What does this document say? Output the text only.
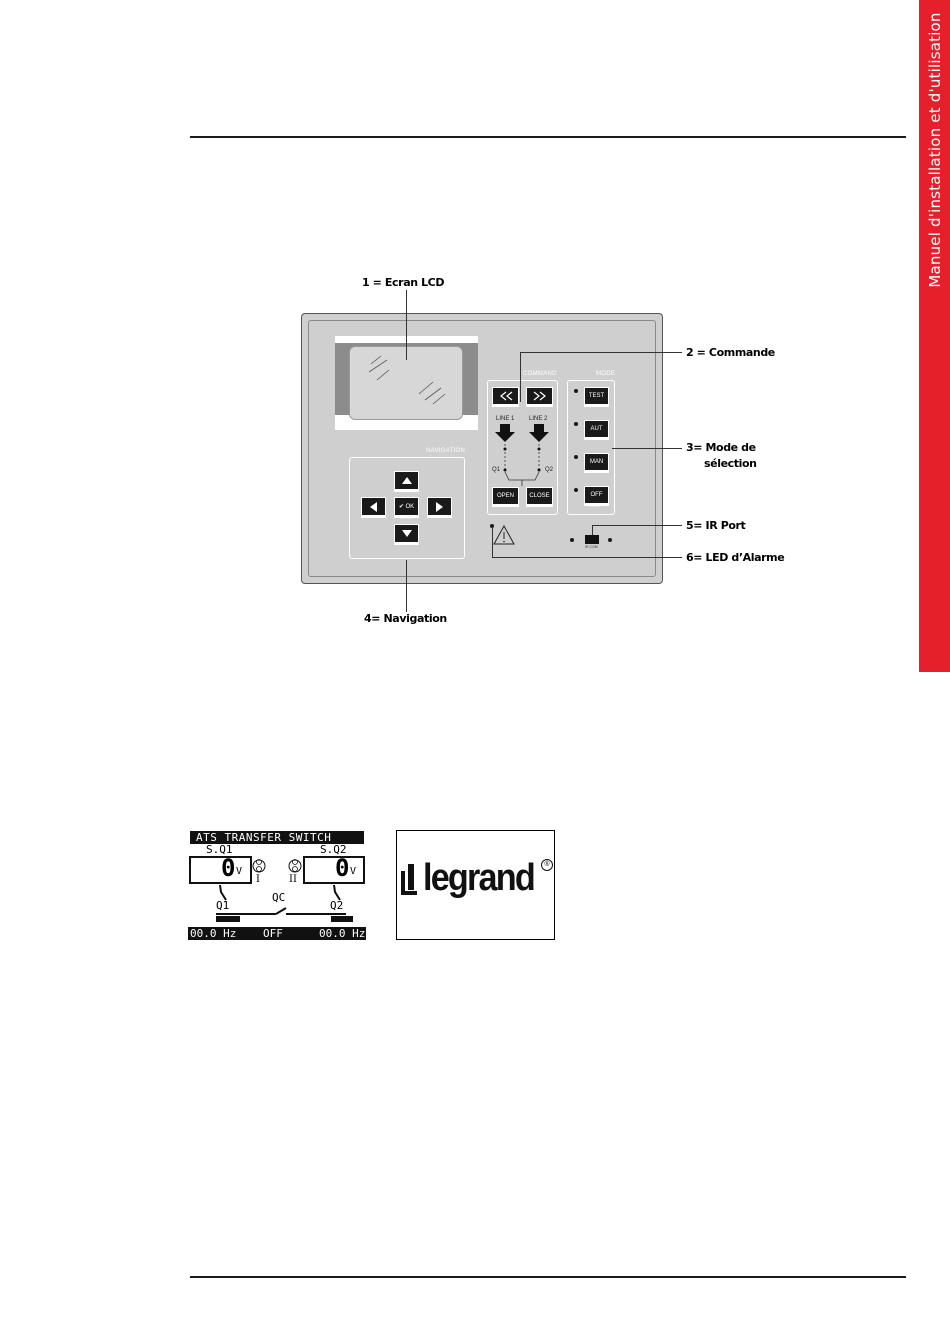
Manuel d'installation et d'utilisation
NAVIGATION
✔ OK
MENU
COMMAND
LINE 1 LINE 2
Q1	Q2
OPEN	CLOSE
MODE
TEST
AUT
MAN
OFF
RESET
IR COM
1 = Ecran LCD
2 = Commande
3= Mode de
sélection
5= IR Port
6= LED d’Alarme
4= Navigation
ATS TRANSFER SWITCH
S.Q1	S.Q2
0 V	0 V
I	II
QC
Q1	Q2
00.0 Hz OFF	00.0 Hz
legrand	®
